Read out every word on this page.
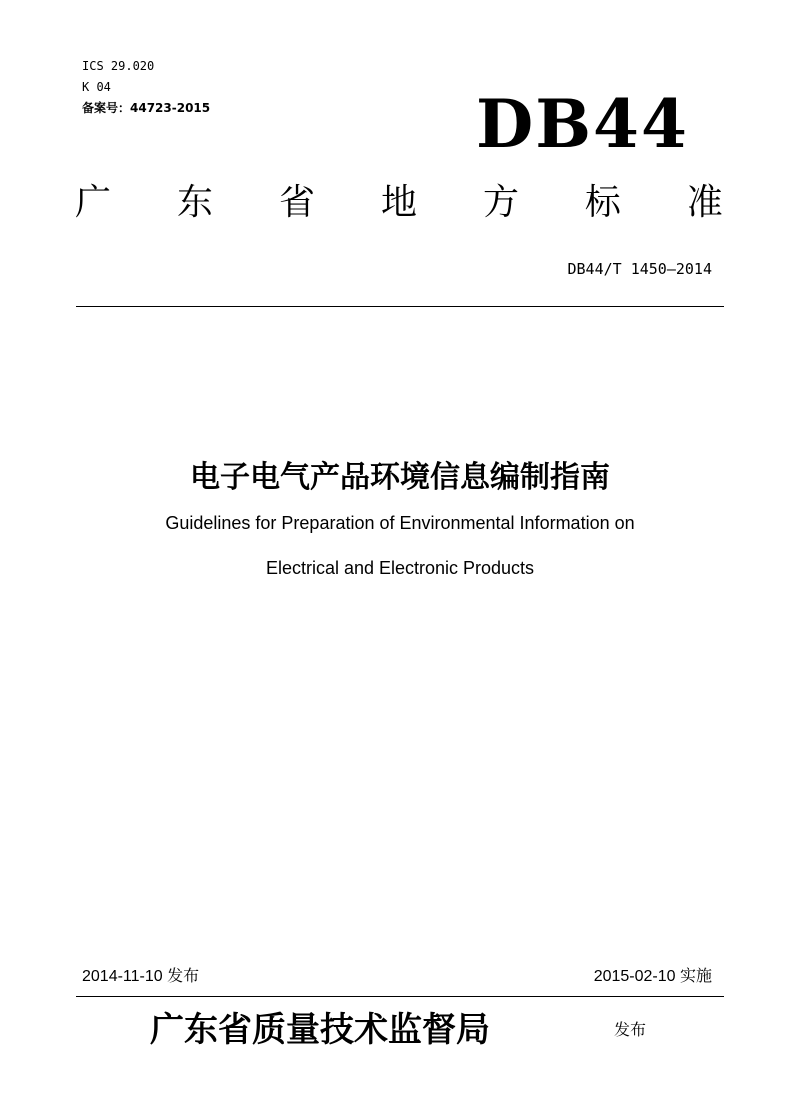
ICS 29.020
K 04
备案号：44723-2015	DB44
广 东 省 地 方 标 准
DB44/T 1450—2014
电子电气产品环境信息编制指南
Guidelines for Preparation of Environmental Information on
Electrical and Electronic Products
2014-11-10 发布	2015-02-10 实施
广东省质量技术监督局	发布
